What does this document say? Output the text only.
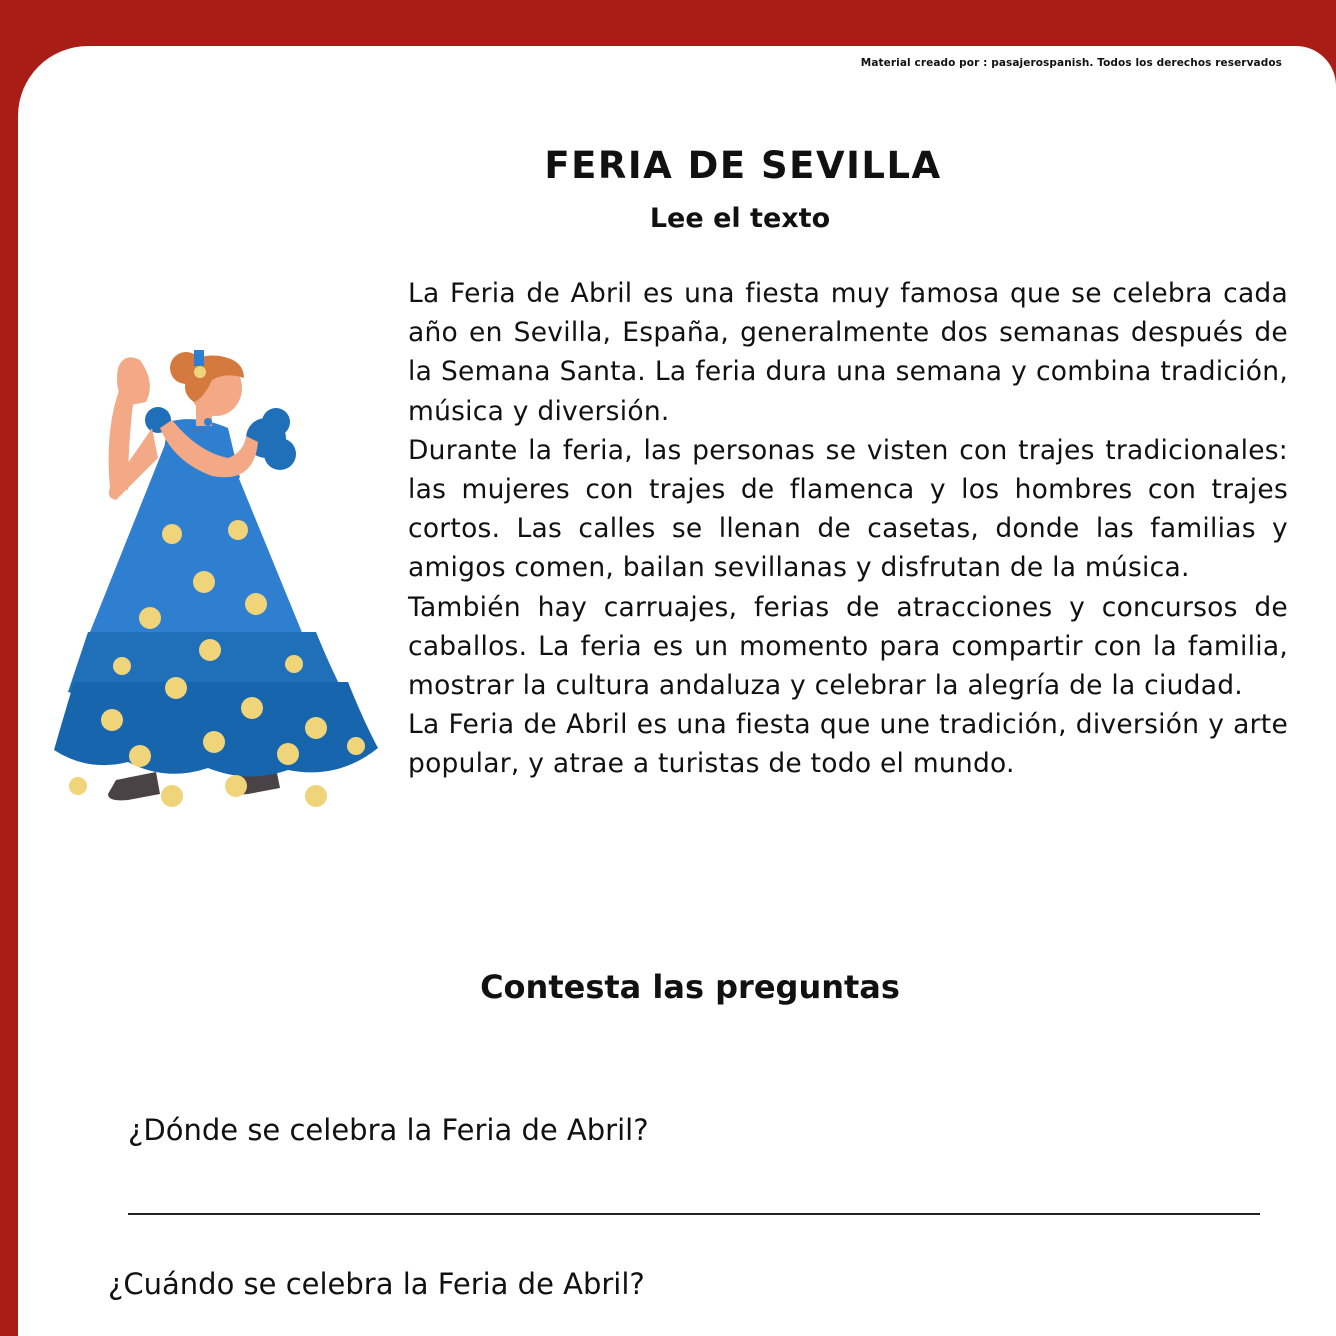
Material creado por : pasajerospanish. Todos los derechos reservados
FERIA DE SEVILLA
Lee el texto

La Feria de Abril es una fiesta muy famosa que se celebra cada año en Sevilla, España, generalmente dos semanas después de la Semana Santa. La feria dura una semana y combina tradición, música y diversión.

Durante la feria, las personas se visten con trajes tradicionales: las mujeres con trajes de flamenca y los hombres con trajes cortos. Las calles se llenan de casetas, donde las familias y amigos comen, bailan sevillanas y disfrutan de la música.

También hay carruajes, ferias de atracciones y concursos de caballos. La feria es un momento para compartir con la familia, mostrar la cultura andaluza y celebrar la alegría de la ciudad.

La Feria de Abril es una fiesta que une tradición, diversión y arte popular, y atrae a turistas de todo el mundo.

Contesta las preguntas
¿Dónde se celebra la Feria de Abril?
¿Cuándo se celebra la Feria de Abril?
